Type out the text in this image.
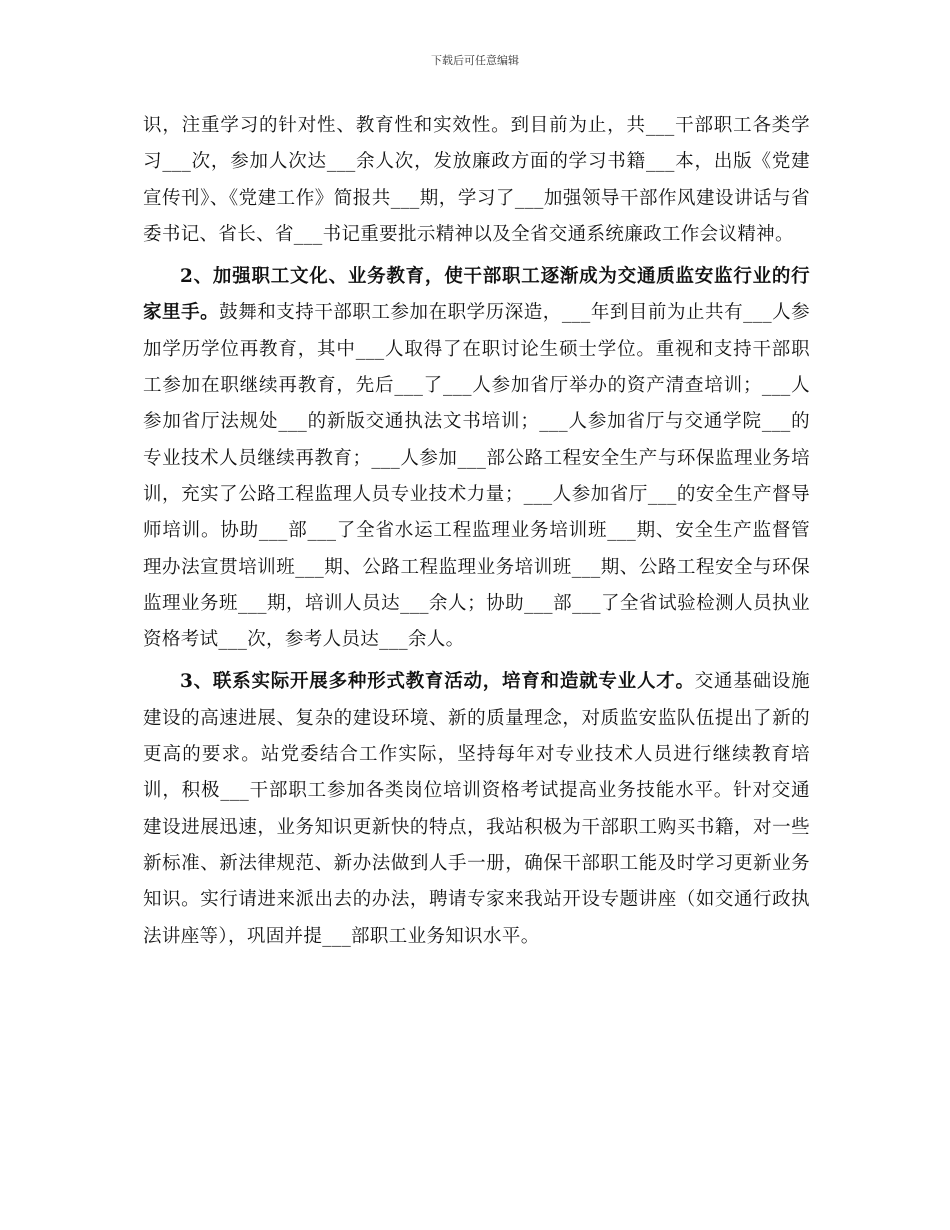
下载后可任意编辑

识，注重学习的针对性、教育性和实效性。到目前为止，共___干部职工各类学习___次，参加人次达___余人次，发放廉政方面的学习书籍___本，出版《党建宣传刊》、《党建工作》简报共___期，学习了___加强领导干部作风建设讲话与省委书记、省长、省___书记重要批示精神以及全省交通系统廉政工作会议精神。

2、加强职工文化、业务教育，使干部职工逐渐成为交通质监安监行业的行家里手。鼓舞和支持干部职工参加在职学历深造，___年到目前为止共有___人参加学历学位再教育，其中___人取得了在职讨论生硕士学位。重视和支持干部职工参加在职继续再教育，先后___了___人参加省厅举办的资产清查培训；___人参加省厅法规处___的新版交通执法文书培训；___人参加省厅与交通学院___的专业技术人员继续再教育；___人参加___部公路工程安全生产与环保监理业务培训，充实了公路工程监理人员专业技术力量；___人参加省厅___的安全生产督导师培训。协助___部___了全省水运工程监理业务培训班___期、安全生产监督管理办法宣贯培训班___期、公路工程监理业务培训班___期、公路工程安全与环保监理业务班___期，培训人员达___余人；协助___部___了全省试验检测人员执业资格考试___次，参考人员达___余人。

3、联系实际开展多种形式教育活动，培育和造就专业人才。交通基础设施建设的高速进展、复杂的建设环境、新的质量理念，对质监安监队伍提出了新的更高的要求。站党委结合工作实际，坚持每年对专业技术人员进行继续教育培训，积极___干部职工参加各类岗位培训资格考试提高业务技能水平。针对交通建设进展迅速，业务知识更新快的特点，我站积极为干部职工购买书籍，对一些新标准、新法律规范、新办法做到人手一册，确保干部职工能及时学习更新业务知识。实行请进来派出去的办法，聘请专家来我站开设专题讲座（如交通行政执法讲座等），巩固并提___部职工业务知识水平。
